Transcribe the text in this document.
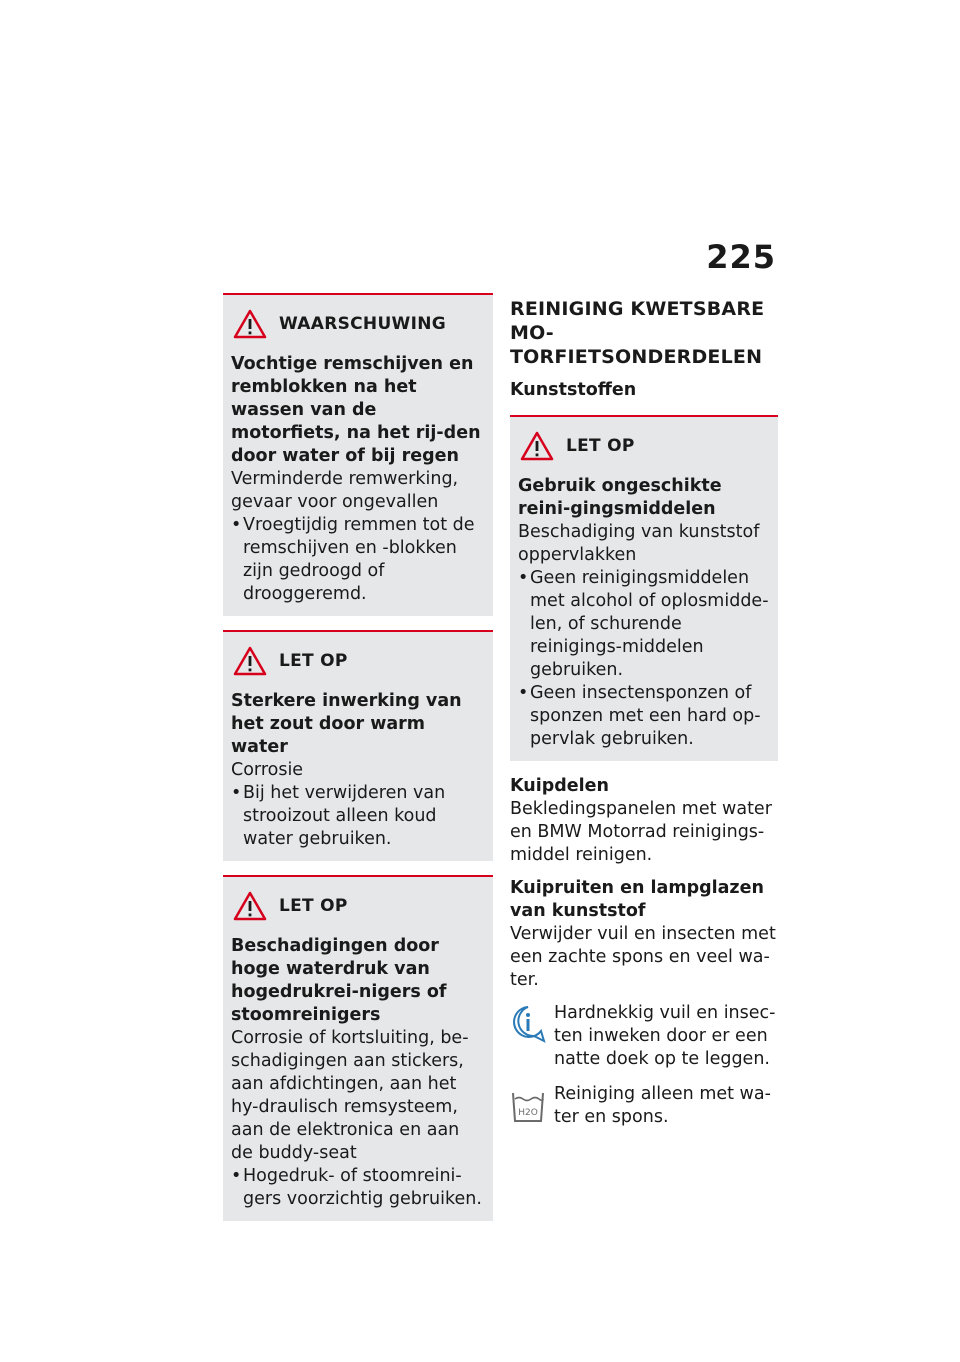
225
WAARSCHUWING
Vochtige remschijven en remblokken na het wassen van de motorfiets, na het rij-den door water of bij regen
Verminderde remwerking, gevaar voor ongevallen
• Vroegtijdig remmen tot de remschijven en -blokken zijn gedroogd of drooggeremd.
LET OP
Sterkere inwerking van het zout door warm water
Corrosie
• Bij het verwijderen van strooizout alleen koud water gebruiken.
LET OP
Beschadigingen door hoge waterdruk van hogedrukrei-nigers of stoomreinigers
Corrosie of kortsluiting, be-schadigingen aan stickers, aan afdichtingen, aan het hy-draulisch remsysteem, aan de elektronica en aan de buddy-seat
• Hogedruk- of stoomreini-gers voorzichtig gebruiken.
REINIGING KWETSBARE MO-TORFIETSONDERDELEN
Kunststoffen
LET OP
Gebruik ongeschikte reini-gingsmiddelen
Beschadiging van kunststof oppervlakken
• Geen reinigingsmiddelen met alcohol of oplosmidde-len, of schurende reinigings-middelen gebruiken.
• Geen insectensponzen of sponzen met een hard op-pervlak gebruiken.
Kuipdelen
Bekledingspanelen met water en BMW Motorrad reinigings-middel reinigen.
Kuipruiten en lampglazen van kunststof
Verwijder vuil en insecten met een zachte spons en veel wa-ter.
Hardnekkig vuil en insec-ten inweken door er een natte doek op te leggen.
H2O
Reiniging alleen met wa-ter en spons.
